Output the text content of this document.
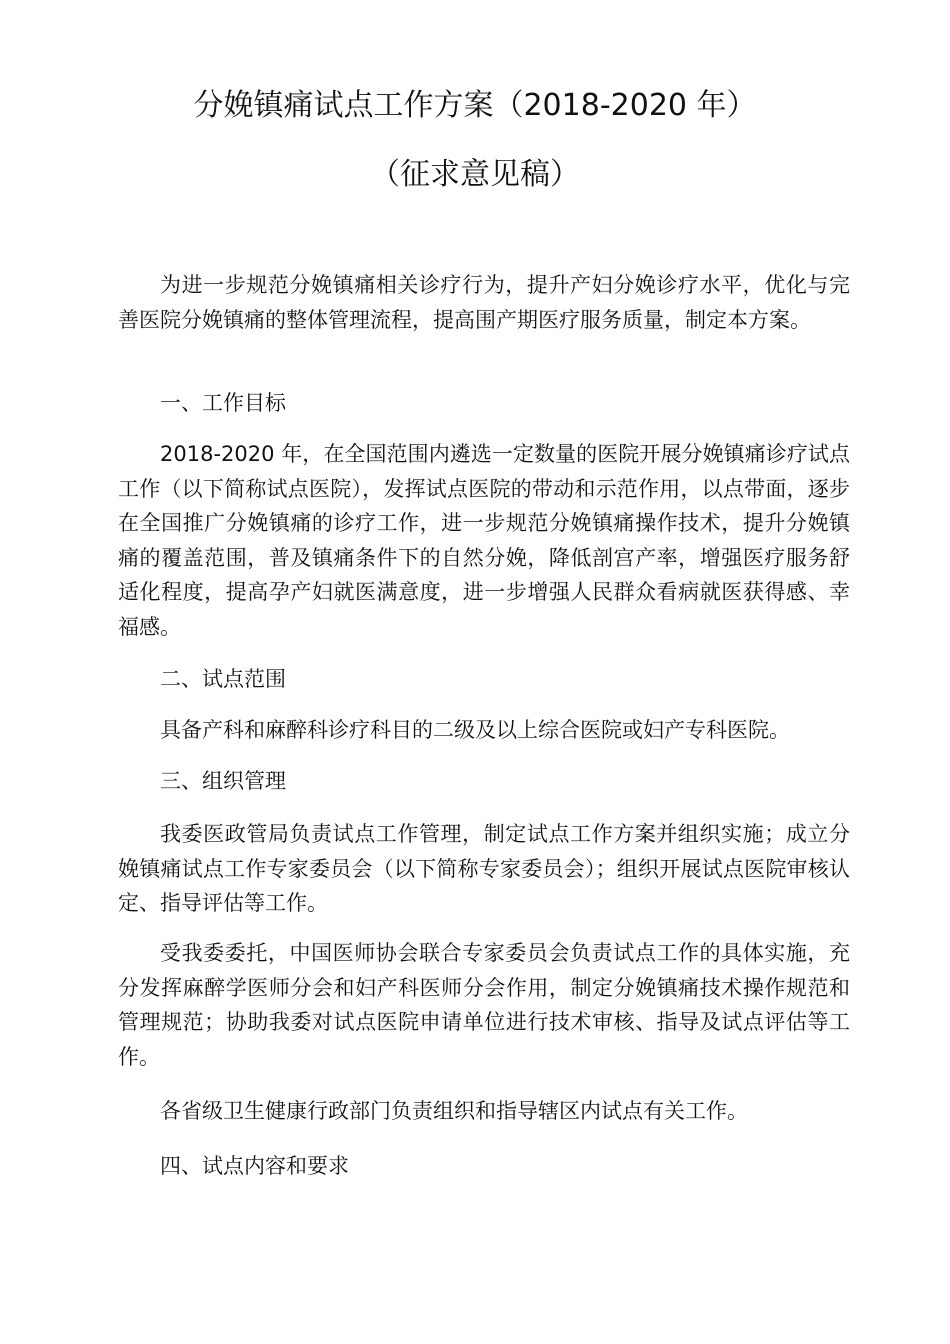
分娩镇痛试点工作方案（2018-2020 年）
（征求意见稿）

为进一步规范分娩镇痛相关诊疗行为，提升产妇分娩诊疗水平，优化与完善医院分娩镇痛的整体管理流程，提高围产期医疗服务质量，制定本方案。

一、工作目标

2018-2020 年，在全国范围内遴选一定数量的医院开展分娩镇痛诊疗试点工作（以下简称试点医院），发挥试点医院的带动和示范作用，以点带面，逐步在全国推广分娩镇痛的诊疗工作，进一步规范分娩镇痛操作技术，提升分娩镇痛的覆盖范围，普及镇痛条件下的自然分娩，降低剖宫产率，增强医疗服务舒适化程度，提高孕产妇就医满意度，进一步增强人民群众看病就医获得感、幸福感。

二、试点范围

具备产科和麻醉科诊疗科目的二级及以上综合医院或妇产专科医院。

三、组织管理

我委医政管局负责试点工作管理，制定试点工作方案并组织实施；成立分娩镇痛试点工作专家委员会（以下简称专家委员会）；组织开展试点医院审核认定、指导评估等工作。

受我委委托，中国医师协会联合专家委员会负责试点工作的具体实施，充分发挥麻醉学医师分会和妇产科医师分会作用，制定分娩镇痛技术操作规范和管理规范；协助我委对试点医院申请单位进行技术审核、指导及试点评估等工作。

各省级卫生健康行政部门负责组织和指导辖区内试点有关工作。

四、试点内容和要求
